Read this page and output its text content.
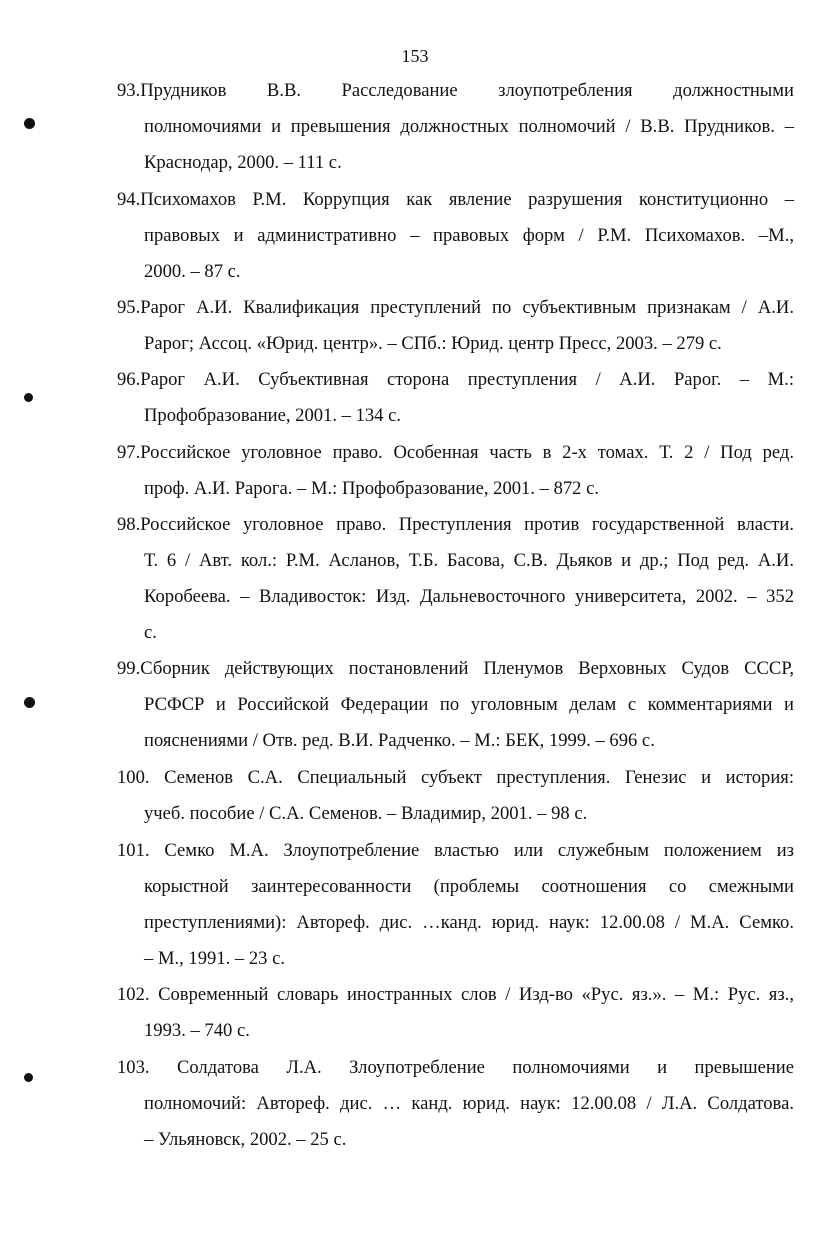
153
93.Прудников В.В. Расследование злоупотребления должностными
полномочиями и превышения должностных полномочий / В.В. Прудников. –
Краснодар, 2000. – 111 с.
94.Психомахов Р.М. Коррупция как явление разрушения конституционно –
правовых и административно – правовых форм / Р.М. Психомахов. –М.,
2000. – 87 с.
95.Рарог А.И. Квалификация преступлений по субъективным признакам / А.И.
Рарог; Ассоц. «Юрид. центр». – СПб.: Юрид. центр Пресс, 2003. – 279 с.
96.Рарог А.И. Субъективная сторона преступления / А.И. Рарог. – М.:
Профобразование, 2001. – 134 с.
97.Российское уголовное право. Особенная часть в 2-х томах. Т. 2 / Под ред.
проф. А.И. Рарога. – М.: Профобразование, 2001. – 872 с.
98.Российское уголовное право. Преступления против государственной власти.
Т. 6 / Авт. кол.: Р.М. Асланов, Т.Б. Басова, С.В. Дьяков и др.; Под ред. А.И.
Коробеева. – Владивосток: Изд. Дальневосточного университета, 2002. – 352
с.
99.Сборник действующих постановлений Пленумов Верховных Судов СССР,
РСФСР и Российской Федерации по уголовным делам с комментариями и
пояснениями / Отв. ред. В.И. Радченко. – М.: БЕК, 1999. – 696 с.
100. Семенов С.А. Специальный субъект преступления. Генезис и история:
учеб. пособие / С.А. Семенов. – Владимир, 2001. – 98 с.
101. Семко М.А. Злоупотребление властью или служебным положением из
корыстной заинтересованности (проблемы соотношения со смежными
преступлениями): Автореф. дис. …канд. юрид. наук: 12.00.08 / М.А. Семко.
– М., 1991. – 23 с.
102. Современный словарь иностранных слов / Изд-во «Рус. яз.». – М.: Рус. яз.,
1993. – 740 с.
103. Солдатова Л.А. Злоупотребление полномочиями и превышение
полномочий: Автореф. дис. … канд. юрид. наук: 12.00.08 / Л.А. Солдатова.
– Ульяновск, 2002. – 25 с.
